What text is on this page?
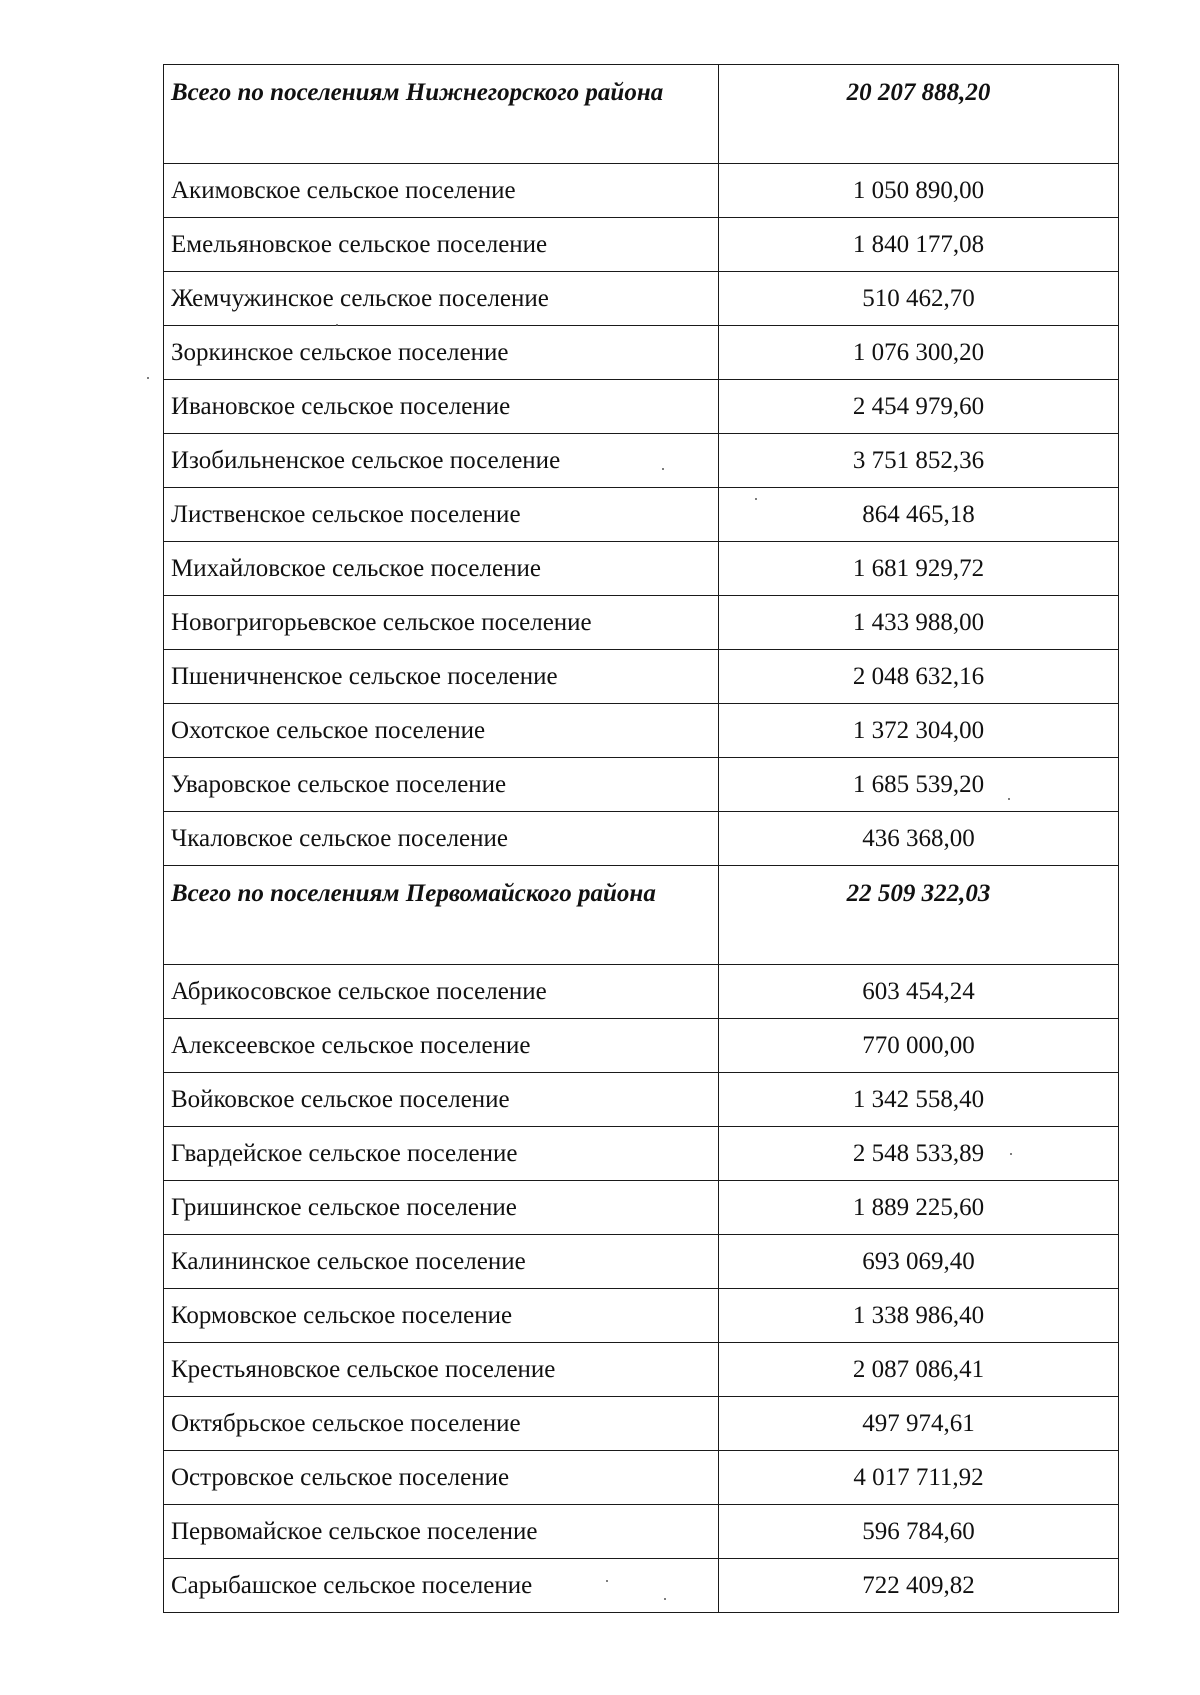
Всего по поселениям Нижнегорского района	20 207 888,20
Акимовское сельское поселение	1 050 890,00
Емельяновское сельское поселение	1 840 177,08
Жемчужинское сельское поселение	510 462,70
Зоркинское сельское поселение	1 076 300,20
Ивановское сельское поселение	2 454 979,60
Изобильненское сельское поселение	3 751 852,36
Лиственское сельское поселение	864 465,18
Михайловское сельское поселение	1 681 929,72
Новогригорьевское сельское поселение	1 433 988,00
Пшеничненское сельское поселение	2 048 632,16
Охотское сельское поселение	1 372 304,00
Уваровское сельское поселение	1 685 539,20
Чкаловское сельское поселение	436 368,00
Всего по поселениям Первомайского района	22 509 322,03
Абрикосовское сельское поселение	603 454,24
Алексеевское сельское поселение	770 000,00
Войковское сельское поселение	1 342 558,40
Гвардейское сельское поселение	2 548 533,89
Гришинское сельское поселение	1 889 225,60
Калининское сельское поселение	693 069,40
Кормовское сельское поселение	1 338 986,40
Крестьяновское сельское поселение	2 087 086,41
Октябрьское сельское поселение	497 974,61
Островское сельское поселение	4 017 711,92
Первомайское сельское поселение	596 784,60
Сарыбашское сельское поселение	722 409,82
